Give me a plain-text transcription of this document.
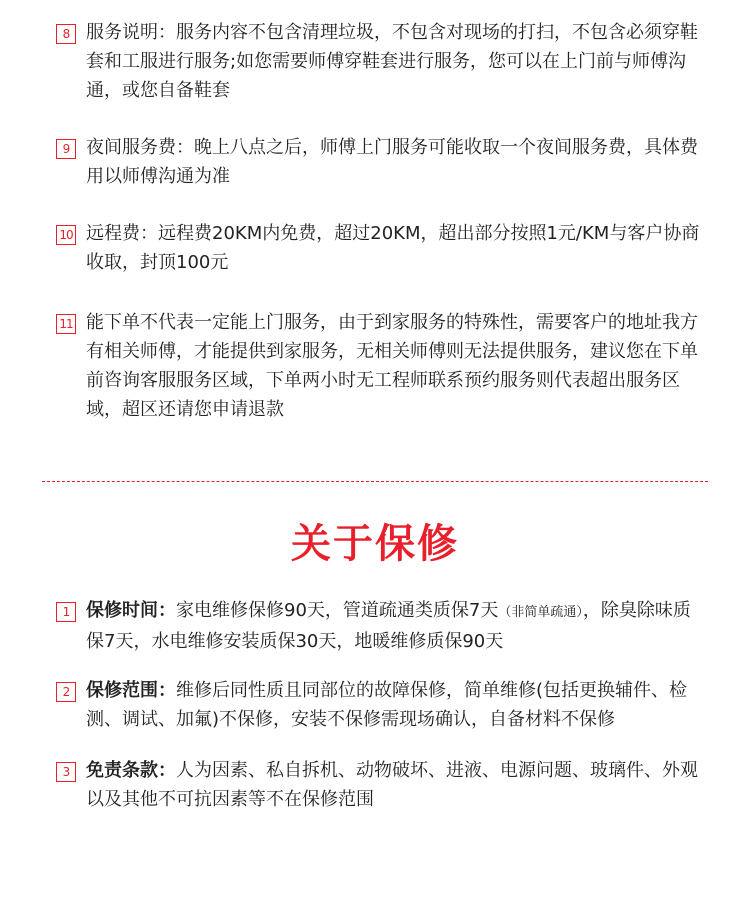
8 服务说明：服务内容不包含清理垃圾，不包含对现场的打扫，不包含必须穿鞋套和工服进行服务;如您需要师傅穿鞋套进行服务，您可以在上门前与师傅沟通，或您自备鞋套
9 夜间服务费：晚上八点之后，师傅上门服务可能收取一个夜间服务费，具体费用以师傅沟通为准
10 远程费：远程费20KM内免费，超过20KM，超出部分按照1元/KM与客户协商收取，封顶100元
11 能下单不代表一定能上门服务，由于到家服务的特殊性，需要客户的地址我方有相关师傅，才能提供到家服务，无相关师傅则无法提供服务，建议您在下单前咨询客服服务区域，下单两小时无工程师联系预约服务则代表超出服务区域，超区还请您申请退款
关于保修
1 保修时间：家电维修保修90天，管道疏通类质保7天（非简单疏通），除臭除味质保7天，水电维修安装质保30天，地暖维修质保90天
2 保修范围：维修后同性质且同部位的故障保修，简单维修(包括更换辅件、检测、调试、加氟)不保修，安装不保修需现场确认，自备材料不保修
3 免责条款：人为因素、私自拆机、动物破坏、进液、电源问题、玻璃件、外观以及其他不可抗因素等不在保修范围
